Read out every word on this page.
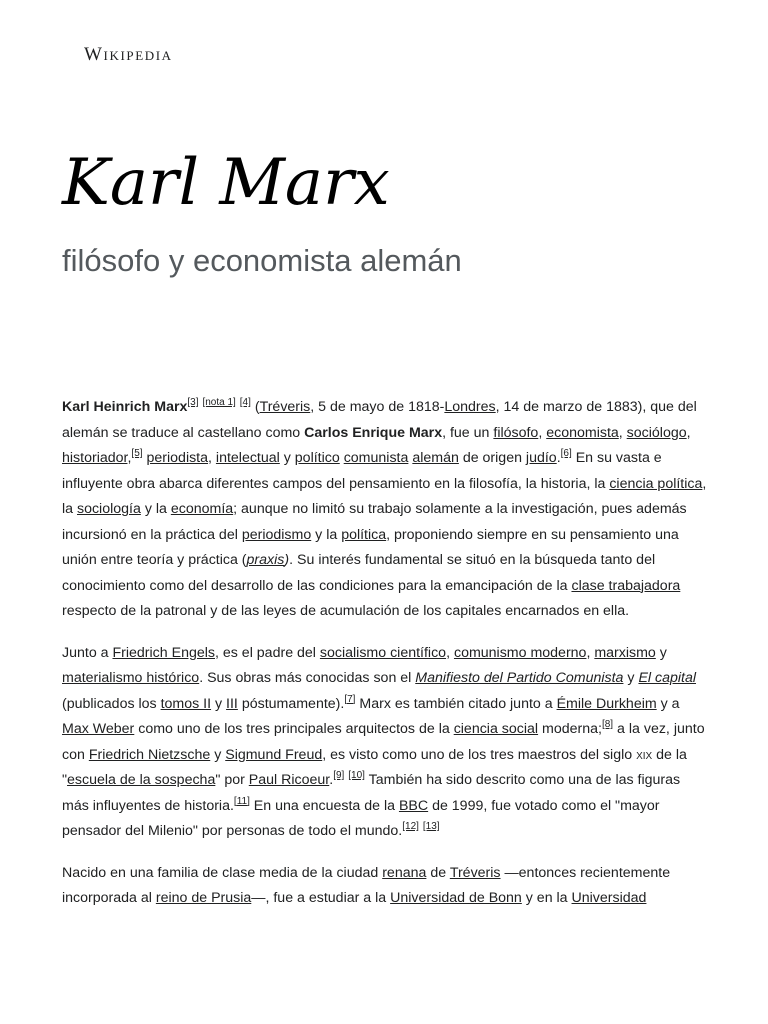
Wikipedia
Karl Marx
filósofo y economista alemán

Karl Heinrich Marx[3] [nota 1] [4] (Tréveris, 5 de mayo de 1818-Londres, 14 de marzo de 1883), que del alemán se traduce al castellano como Carlos Enrique Marx, fue un filósofo, economista, sociólogo, historiador,[5] periodista, intelectual y político comunista alemán de origen judío.[6] En su vasta e influyente obra abarca diferentes campos del pensamiento en la filosofía, la historia, la ciencia política, la sociología y la economía; aunque no limitó su trabajo solamente a la investigación, pues además incursionó en la práctica del periodismo y la política, proponiendo siempre en su pensamiento una unión entre teoría y práctica (praxis). Su interés fundamental se situó en la búsqueda tanto del conocimiento como del desarrollo de las condiciones para la emancipación de la clase trabajadora respecto de la patronal y de las leyes de acumulación de los capitales encarnados en ella.

Junto a Friedrich Engels, es el padre del socialismo científico, comunismo moderno, marxismo y materialismo histórico. Sus obras más conocidas son el Manifiesto del Partido Comunista y El capital (publicados los tomos II y III póstumamente).[7] Marx es también citado junto a Émile Durkheim y a Max Weber como uno de los tres principales arquitectos de la ciencia social moderna;[8] a la vez, junto con Friedrich Nietzsche y Sigmund Freud, es visto como uno de los tres maestros del siglo xix de la "escuela de la sospecha" por Paul Ricoeur.[9] [10] También ha sido descrito como una de las figuras más influyentes de historia.[11] En una encuesta de la BBC de 1999, fue votado como el "mayor pensador del Milenio" por personas de todo el mundo.[12] [13]

Nacido en una familia de clase media de la ciudad renana de Tréveris —entonces recientemente incorporada al reino de Prusia—, fue a estudiar a la Universidad de Bonn y en la Universidad
